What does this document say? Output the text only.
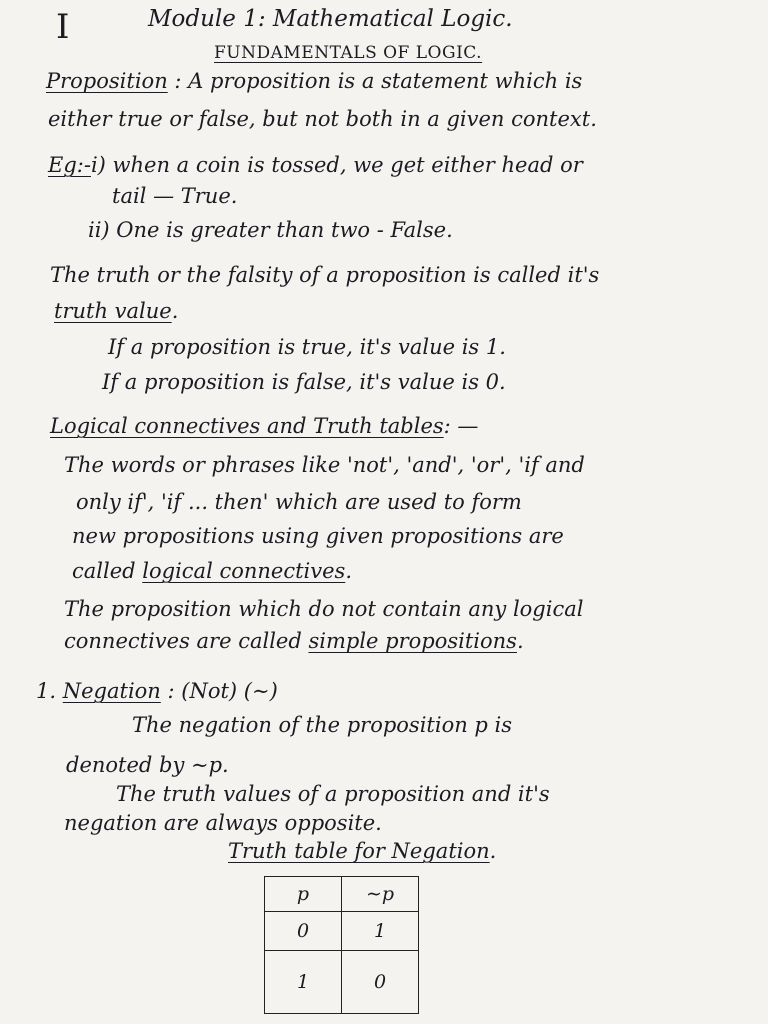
I	Module 1: Mathematical Logic.
FUNDAMENTALS OF LOGIC.
Proposition : A proposition is a statement which is
either true or false, but not both in a given context.
Eg:-i) when a coin is tossed, we get either head or
tail — True.
ii) One is greater than two - False.
The truth or the falsity of a proposition is called it's
truth value.
If a proposition is true, it's value is 1.
If a proposition is false, it's value is 0.
Logical connectives and Truth tables: —
The words or phrases like 'not', 'and', 'or', 'if and
only if', 'if ... then' which are used to form
new propositions using given propositions are
called logical connectives.
The proposition which do not contain any logical
connectives are called simple propositions.
1. Negation : (Not) (∼)
The negation of the proposition p is
denoted by ∼p.
The truth values of a proposition and it's
negation are always opposite.
Truth table for Negation.
p	∼p
0	1
1	0
